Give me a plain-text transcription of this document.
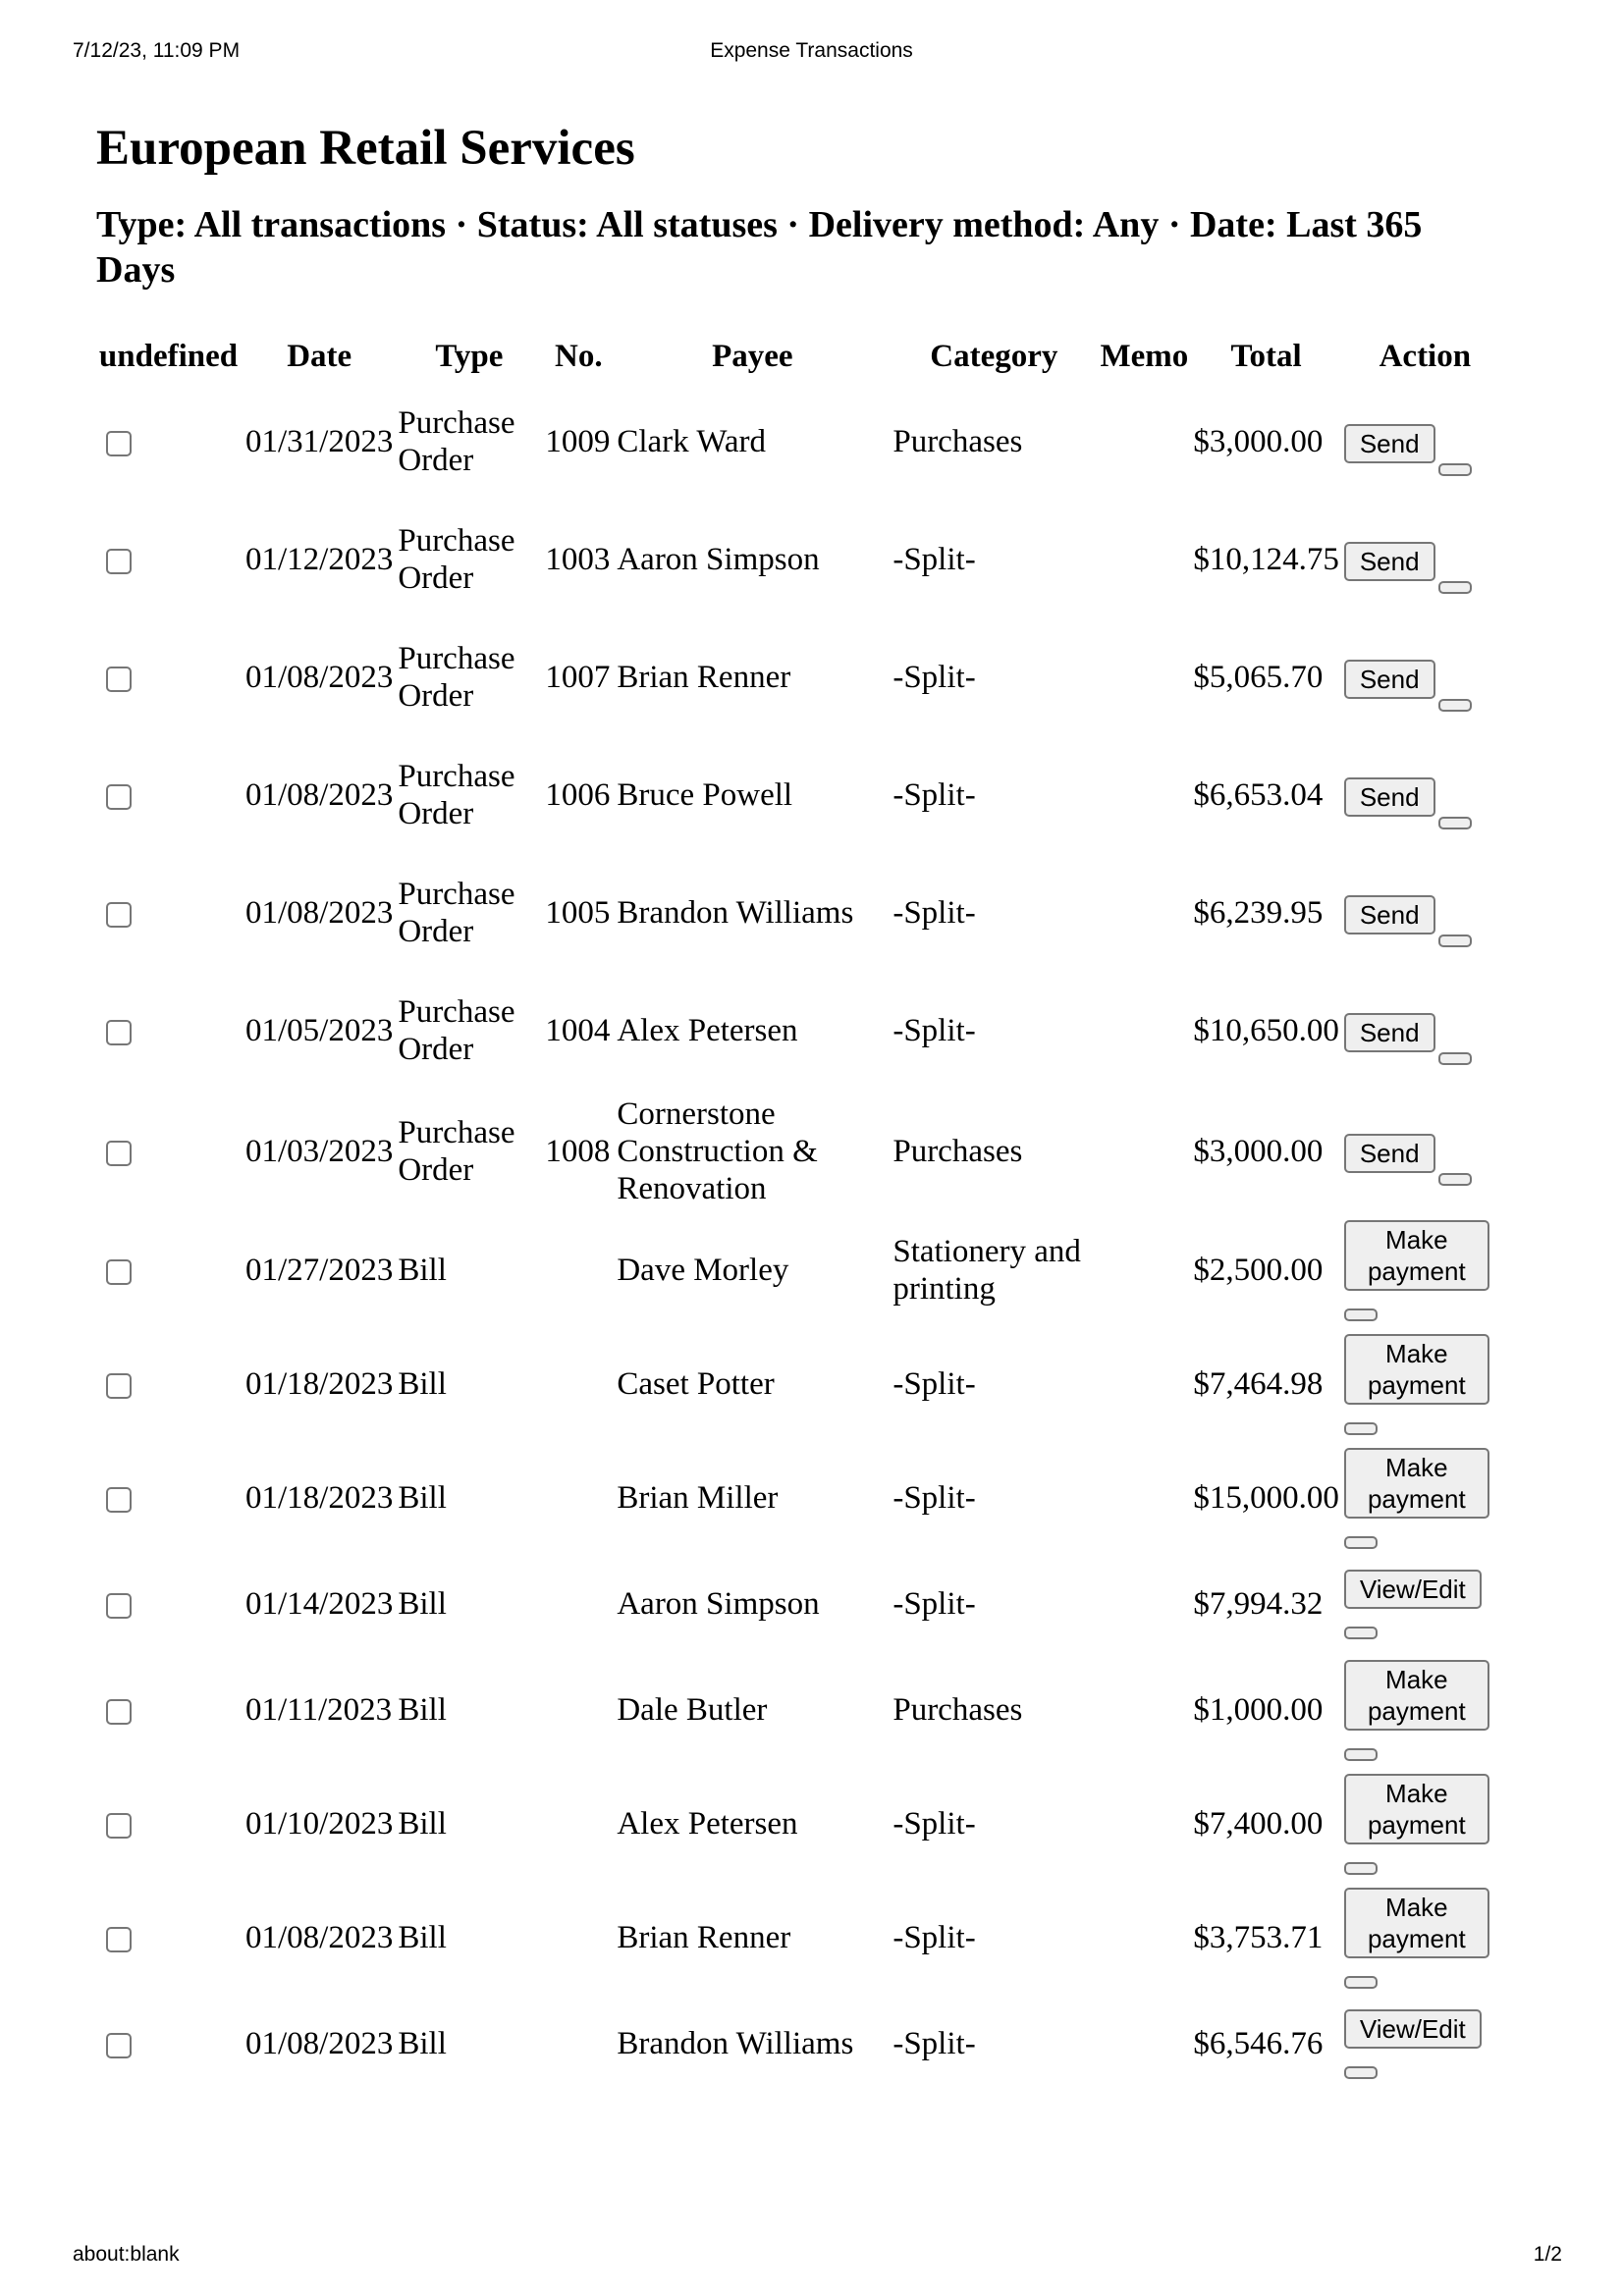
7/12/23, 11:09 PM	Expense Transactions
European Retail Services
Type: All transactions · Status: All statuses · Delivery method: Any · Date: Last 365 Days
undefined	Date	Type	No.	Payee	Category	Memo	Total	Action
	01/31/2023	Purchase Order	1009	Clark Ward	Purchases		$3,000.00	Send
	01/12/2023	Purchase Order	1003	Aaron Simpson	-Split-		$10,124.75	Send
	01/08/2023	Purchase Order	1007	Brian Renner	-Split-		$5,065.70	Send
	01/08/2023	Purchase Order	1006	Bruce Powell	-Split-		$6,653.04	Send
	01/08/2023	Purchase Order	1005	Brandon Williams	-Split-		$6,239.95	Send
	01/05/2023	Purchase Order	1004	Alex Petersen	-Split-		$10,650.00	Send
	01/03/2023	Purchase Order	1008	Cornerstone Construction & Renovation	Purchases		$3,000.00	Send
	01/27/2023	Bill		Dave Morley	Stationery and printing		$2,500.00	Make payment

	01/18/2023	Bill		Caset Potter	-Split-		$7,464.98	Make payment

	01/18/2023	Bill		Brian Miller	-Split-		$15,000.00	Make payment

	01/14/2023	Bill		Aaron Simpson	-Split-		$7,994.32	View/Edit

	01/11/2023	Bill		Dale Butler	Purchases		$1,000.00	Make payment

	01/10/2023	Bill		Alex Petersen	-Split-		$7,400.00	Make payment

	01/08/2023	Bill		Brian Renner	-Split-		$3,753.71	Make payment

	01/08/2023	Bill		Brandon Williams	-Split-		$6,546.76	View/Edit
about:blank	1/2
